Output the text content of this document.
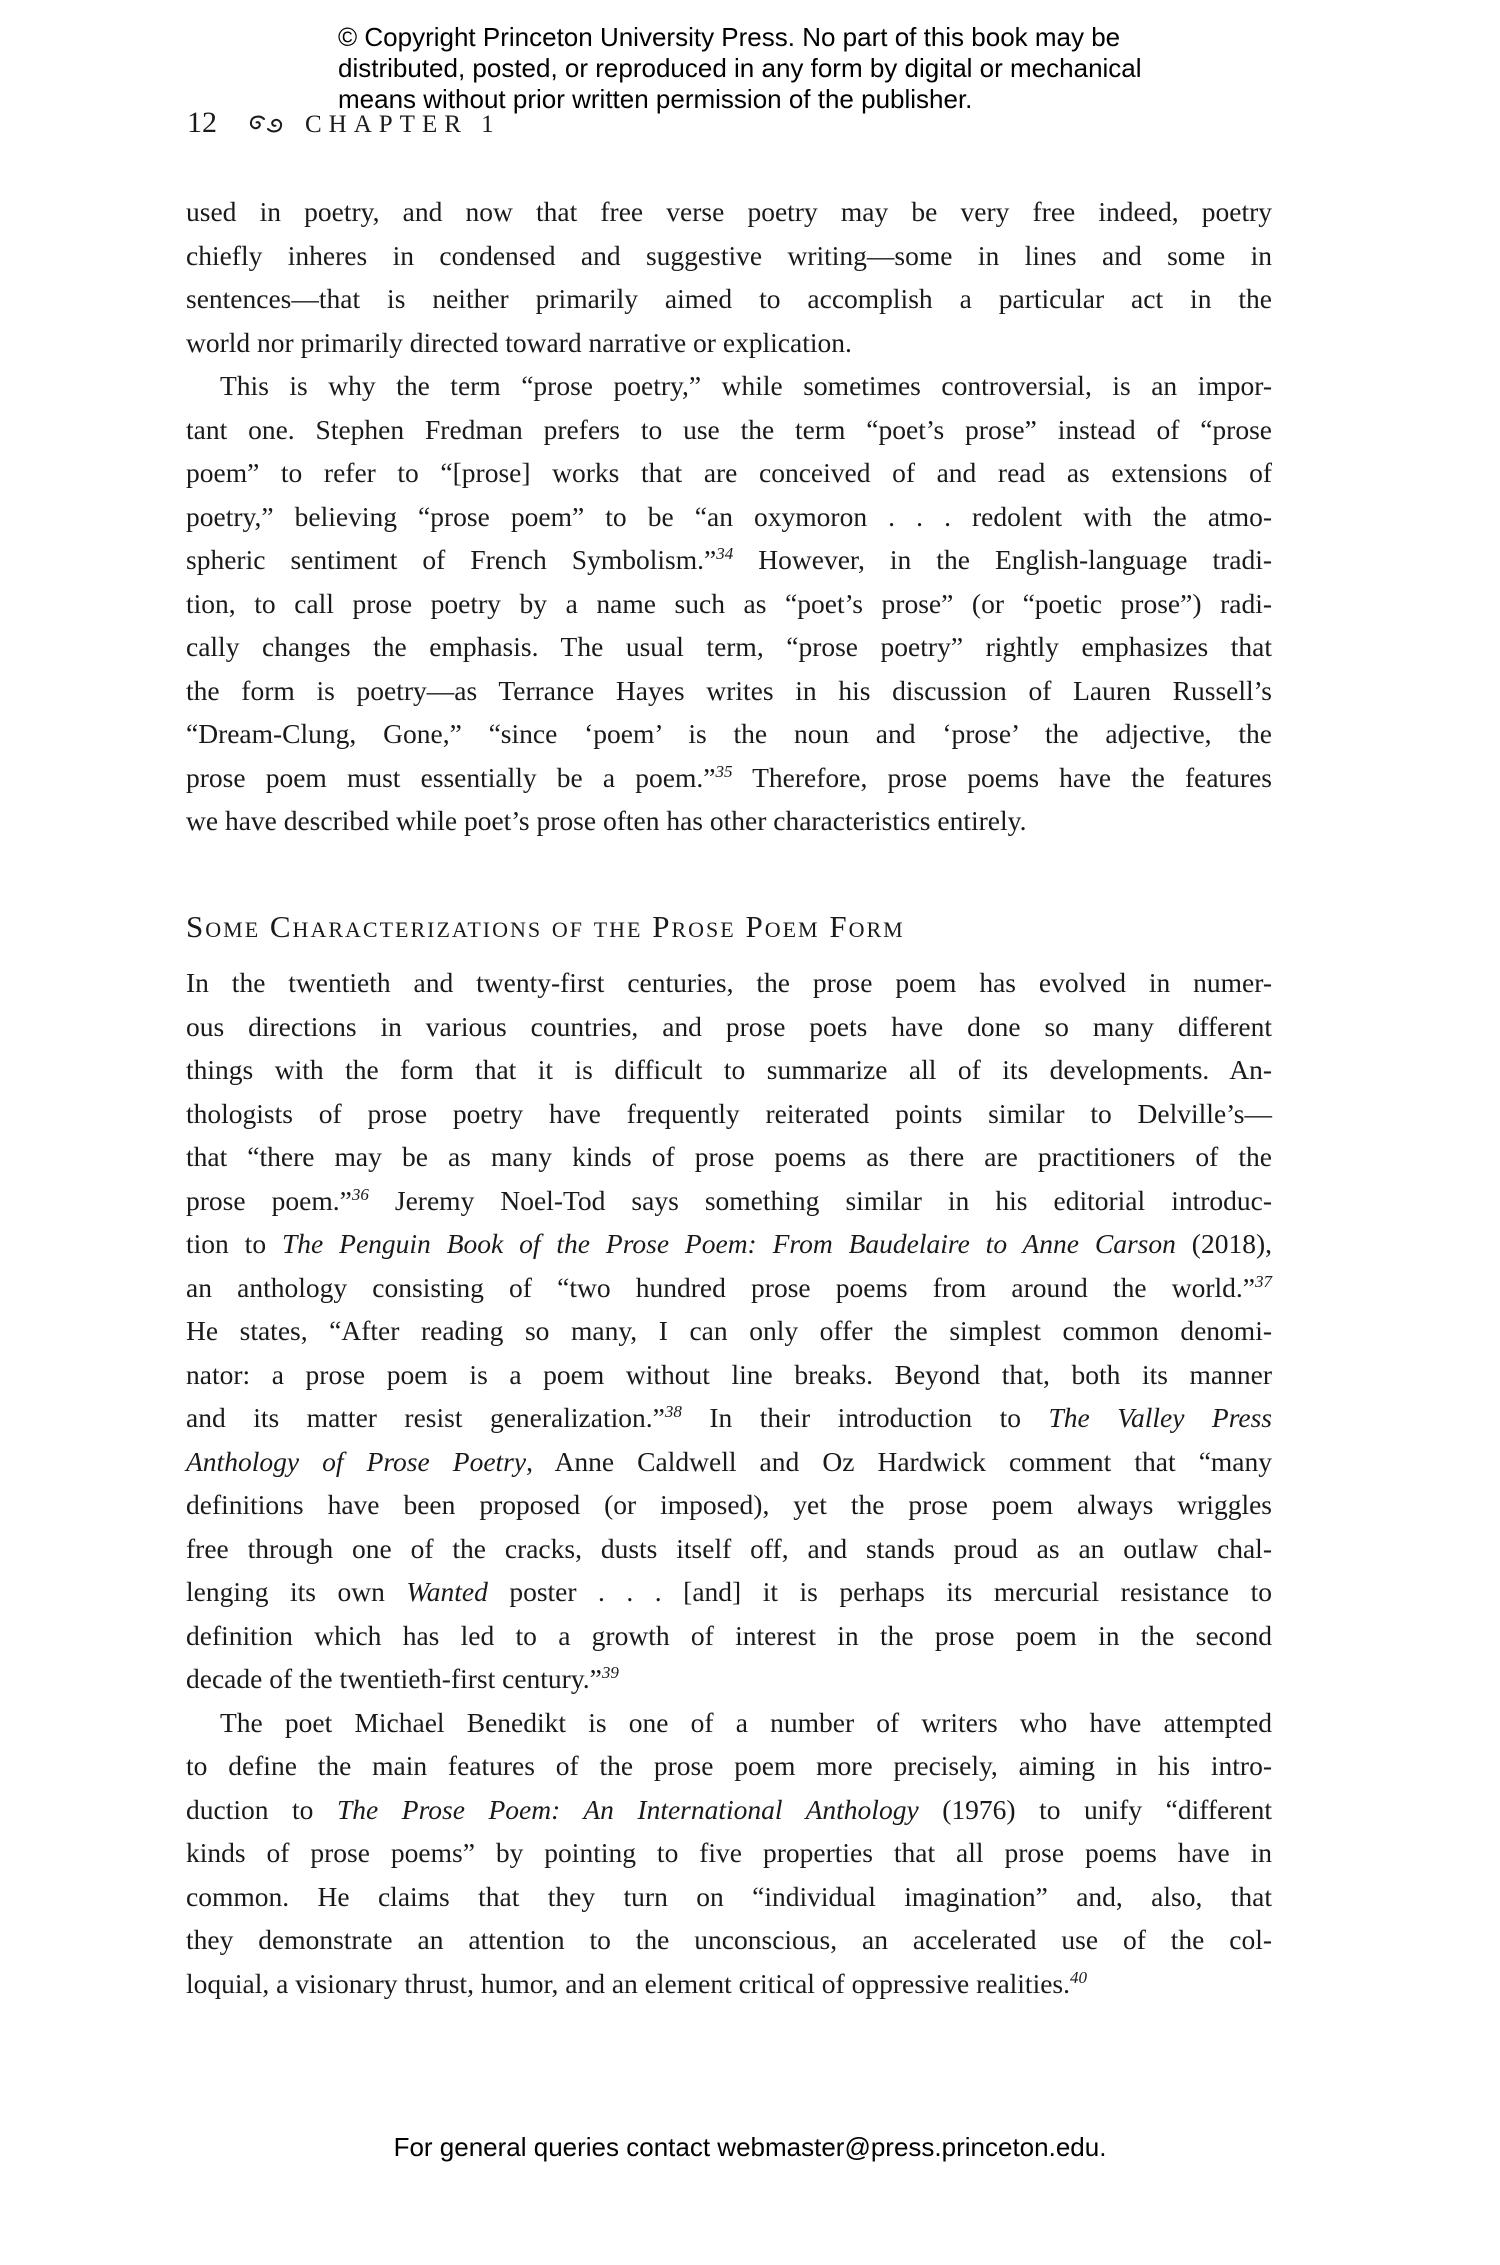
© Copyright Princeton University Press. No part of this book may be
distributed, posted, or reproduced in any form by digital or mechanical
means without prior written permission of the publisher.
12	CHAPTER 1

used in poetry, and now that free verse poetry may be very free indeed, poetry
chiefly inheres in condensed and suggestive writing—some in lines and some in
sentences—that is neither primarily aimed to accomplish a particular act in the
world nor primarily directed toward narrative or explication.

This is why the term “prose poetry,” while sometimes controversial, is an impor-
tant one. Stephen Fredman prefers to use the term “poet’s prose” instead of “prose
poem” to refer to “[prose] works that are conceived of and read as extensions of
poetry,” believing “prose poem” to be “an oxymoron . . . redolent with the atmo-
spheric sentiment of French Symbolism.”$^{34}$ However, in the English-language tradi-
tion, to call prose poetry by a name such as “poet’s prose” (or “poetic prose”) radi-
cally changes the emphasis. The usual term, “prose poetry” rightly emphasizes that
the form is poetry—as Terrance Hayes writes in his discussion of Lauren Russell’s
“Dream-Clung, Gone,” “since ‘poem’ is the noun and ‘prose’ the adjective, the
prose poem must essentially be a poem.”$^{35}$ Therefore, prose poems have the features
we have described while poet’s prose often has other characteristics entirely.

Some Characterizations of the Prose Poem Form

In the twentieth and twenty-first centuries, the prose poem has evolved in numer-
ous directions in various countries, and prose poets have done so many different
things with the form that it is difficult to summarize all of its developments. An-
thologists of prose poetry have frequently reiterated points similar to Delville’s—
that “there may be as many kinds of prose poems as there are practitioners of the
prose poem.”$^{36}$ Jeremy Noel-Tod says something similar in his editorial introduc-
tion to The Penguin Book of the Prose Poem: From Baudelaire to Anne Carson (2018),
an anthology consisting of “two hundred prose poems from around the world.”$^{37}$
He states, “After reading so many, I can only offer the simplest common denomi-
nator: a prose poem is a poem without line breaks. Beyond that, both its manner
and its matter resist generalization.”$^{38}$ In their introduction to The Valley Press
Anthology of Prose Poetry, Anne Caldwell and Oz Hardwick comment that “many
definitions have been proposed (or imposed), yet the prose poem always wriggles
free through one of the cracks, dusts itself off, and stands proud as an outlaw chal-
lenging its own Wanted poster . . . [and] it is perhaps its mercurial resistance to
definition which has led to a growth of interest in the prose poem in the second
decade of the twentieth-first century.”$^{39}$

The poet Michael Benedikt is one of a number of writers who have attempted
to define the main features of the prose poem more precisely, aiming in his intro-
duction to The Prose Poem: An International Anthology (1976) to unify “different
kinds of prose poems” by pointing to five properties that all prose poems have in
common. He claims that they turn on “individual imagination” and, also, that
they demonstrate an attention to the unconscious, an accelerated use of the col-
loquial, a visionary thrust, humor, and an element critical of oppressive realities.$^{40}$

For general queries contact webmaster@press.princeton.edu.
